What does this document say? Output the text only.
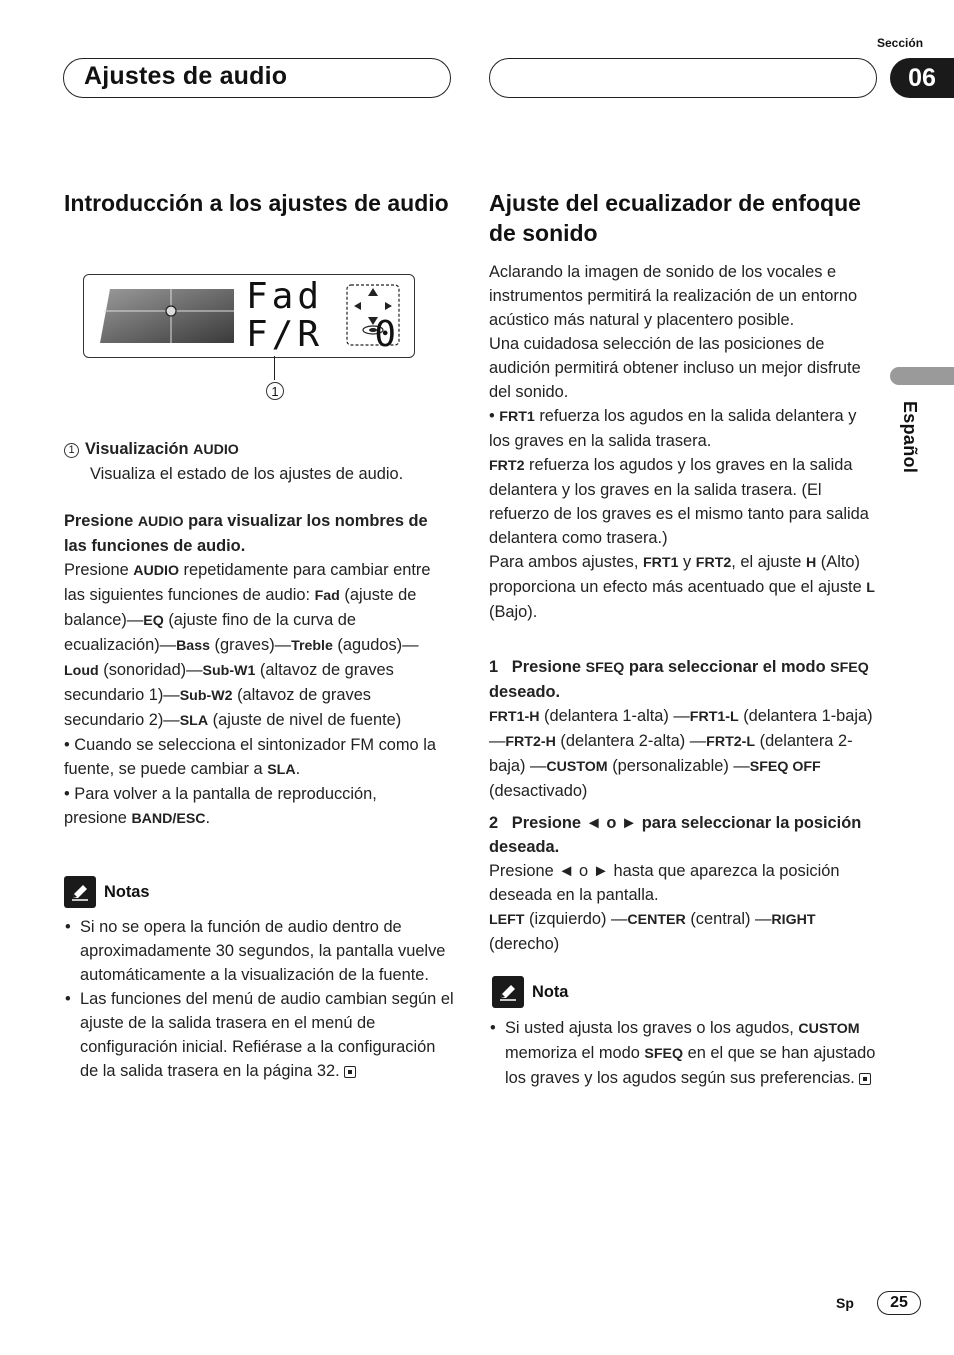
Sección
Ajustes de audio	06
Español
Introducción a los ajustes de audio
Fad
F/R  0
1

1 Visualización AUDIO

Visualiza el estado de los ajustes de audio.

Presione AUDIO para visualizar los nombres de las funciones de audio.

Presione AUDIO repetidamente para cambiar entre las siguientes funciones de audio: Fad (ajuste de balance)—EQ (ajuste fino de la curva de ecualización)—Bass (graves)—Treble (agudos)—Loud (sonoridad)—Sub-W1 (altavoz de graves secundario 1)—Sub-W2 (altavoz de graves secundario 2)—SLA (ajuste de nivel de fuente)

• Cuando se selecciona el sintonizador FM como la fuente, se puede cambiar a SLA.

• Para volver a la pantalla de reproducción, presione BAND/ESC.

Notas
• Si no se opera la función de audio dentro de aproximadamente 30 segundos, la pantalla vuelve automáticamente a la visualización de la fuente.
• Las funciones del menú de audio cambian según el ajuste de la salida trasera en el menú de configuración inicial. Refiérase a la configuración de la salida trasera en la página 32.
Ajuste del ecualizador de enfoque de sonido

Aclarando la imagen de sonido de los vocales e instrumentos permitirá la realización de un entorno acústico más natural y placentero posible.

Una cuidadosa selección de las posiciones de audición permitirá obtener incluso un mejor disfrute del sonido.

• FRT1 refuerza los agudos en la salida delantera y los graves en la salida trasera.

FRT2 refuerza los agudos y los graves en la salida delantera y los graves en la salida trasera. (El refuerzo de los graves es el mismo tanto para salida delantera como trasera.)

Para ambos ajustes, FRT1 y FRT2, el ajuste H (Alto) proporciona un efecto más acentuado que el ajuste L (Bajo).

1 Presione SFEQ para seleccionar el modo SFEQ deseado.

FRT1-H (delantera 1-alta) —FRT1-L (delantera 1-baja) —FRT2-H (delantera 2-alta) —FRT2-L (delantera 2-baja) —CUSTOM (personalizable) —SFEQ OFF (desactivado)

2 Presione ◄ o ► para seleccionar la posición deseada.

Presione ◄ o ► hasta que aparezca la posición deseada en la pantalla.

LEFT (izquierdo) —CENTER (central) —RIGHT (derecho)

Nota
• Si usted ajusta los graves o los agudos, CUSTOM memoriza el modo SFEQ en el que se han ajustado los graves y los agudos según sus preferencias.
Sp	25
